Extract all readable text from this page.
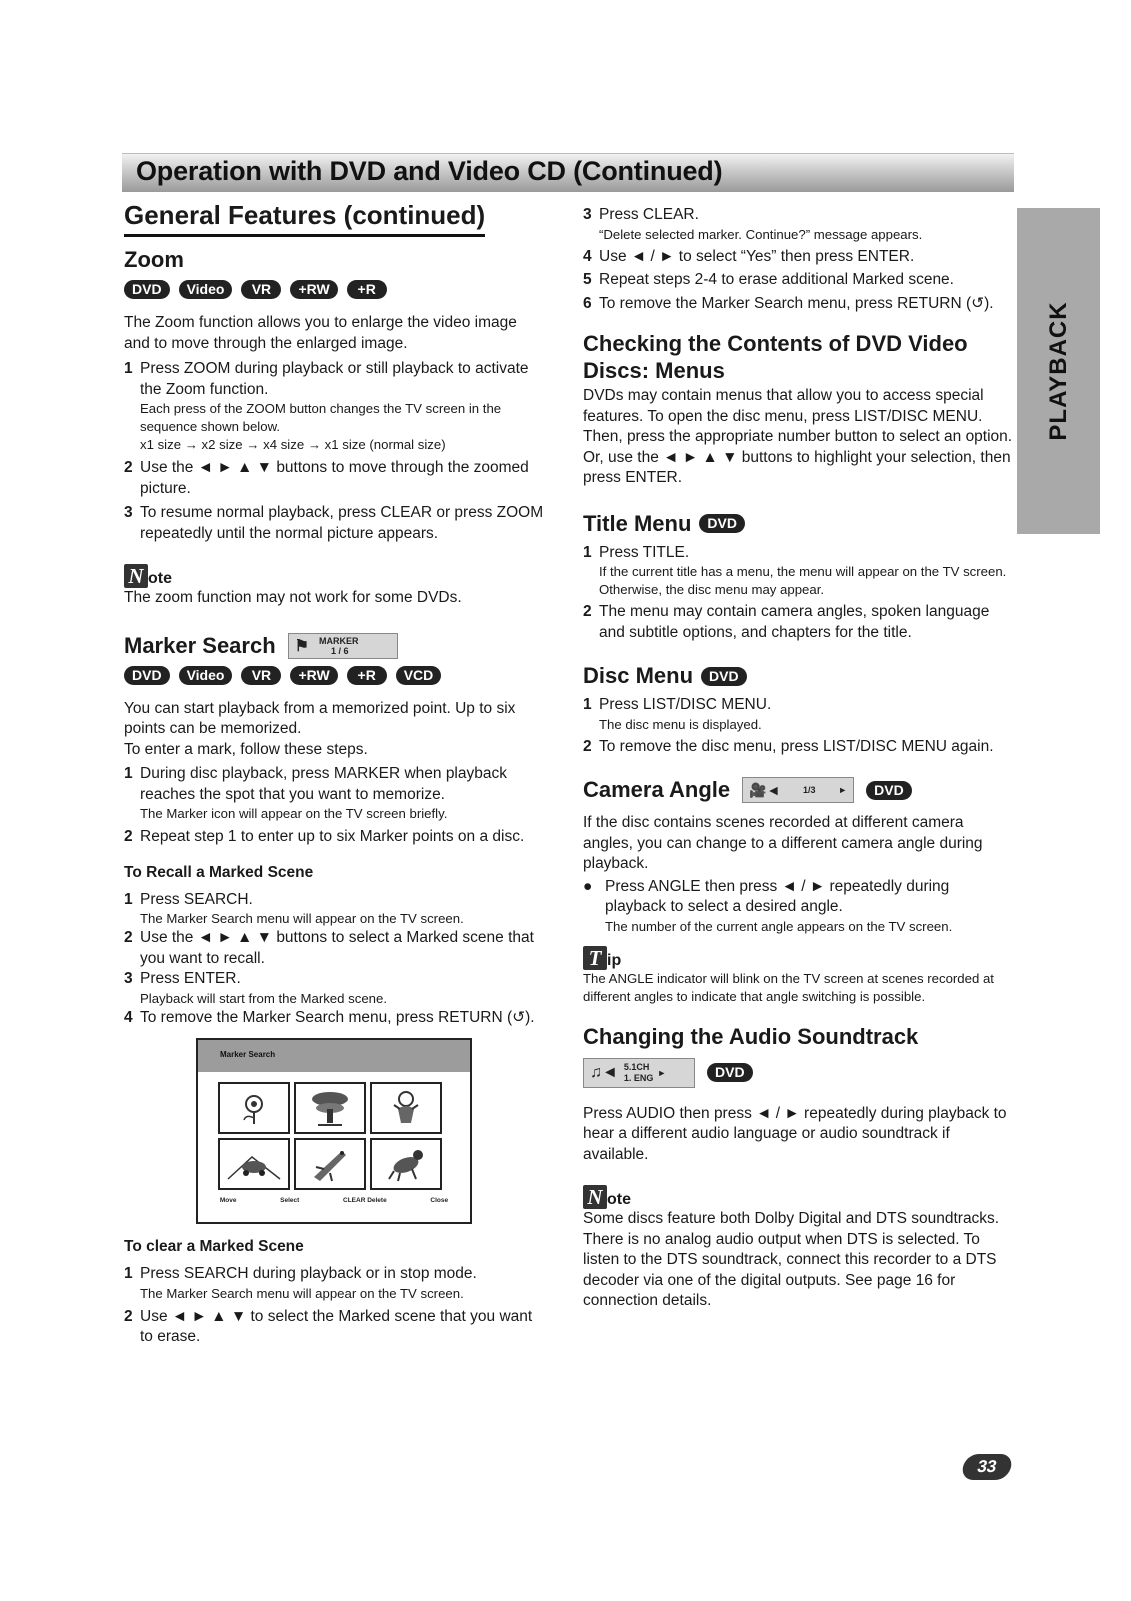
Operation with DVD and Video CD (Continued)
PLAYBACK
General Features (continued)
Zoom
DVD	Video	VR	+RW	+R

The Zoom function allows you to enlarge the video image and to move through the enlarged image.

1 Press ZOOM during playback or still playback to activate the Zoom function.

Each press of the ZOOM button changes the TV screen in the sequence shown below.

x1 size → x2 size → x4 size → x1 size (normal size)

2 Use the ◄ ► ▲ ▼ buttons to move through the zoomed picture.

3 To resume normal playback, press CLEAR or press ZOOM repeatedly until the normal picture appears.

N ote

The zoom function may not work for some DVDs.

Marker Search ⚑ MARKER
1 / 6
DVD	Video	VR	+RW	+R	VCD

You can start playback from a memorized point. Up to six points can be memorized.

To enter a mark, follow these steps.

1 During disc playback, press MARKER when playback reaches the spot that you want to memorize.

The Marker icon will appear on the TV screen briefly.

2 Repeat step 1 to enter up to six Marker points on a disc.

To Recall a Marked Scene
1 Press SEARCH.

The Marker Search menu will appear on the TV screen.

2 Use the ◄ ► ▲ ▼ buttons to select a Marked scene that you want to recall.

3 Press ENTER.

Playback will start from the Marked scene.

4 To remove the Marker Search menu, press RETURN (↺).

Marker Search
Move	Select	CLEAR Delete	Close
To clear a Marked Scene
1 Press SEARCH during playback or in stop mode.

The Marker Search menu will appear on the TV screen.

2 Use ◄ ► ▲ ▼ to select the Marked scene that you want to erase.

3 Press CLEAR.

“Delete selected marker. Continue?” message appears.

4 Use ◄ / ► to select “Yes” then press ENTER.

5 Repeat steps 2-4 to erase additional Marked scene.

6 To remove the Marker Search menu, press RETURN (↺).

Checking the Contents of DVD Video Discs: Menus

DVDs may contain menus that allow you to access special features. To open the disc menu, press LIST/DISC MENU. Then, press the appropriate number button to select an option. Or, use the ◄ ► ▲ ▼ buttons to highlight your selection, then press ENTER.

Title Menu	DVD
1 Press TITLE.

If the current title has a menu, the menu will appear on the TV screen. Otherwise, the disc menu may appear.

2 The menu may contain camera angles, spoken language and subtitle options, and chapters for the title.

Disc Menu	DVD
1 Press LIST/DISC MENU.

The disc menu is displayed.

2 To remove the disc menu, press LIST/DISC MENU again.

Camera Angle 🎥◄	1/3	►	DVD

If the disc contains scenes recorded at different camera angles, you can change to a different camera angle during playback.

● Press ANGLE then press ◄ / ► repeatedly during playback to select a desired angle.

The number of the current angle appears on the TV screen.

T ip

The ANGLE indicator will blink on the TV screen at scenes recorded at different angles to indicate that angle switching is possible.

Changing the Audio Soundtrack
♫◄ 5.1CH
1. ENG ►	DVD

Press AUDIO then press ◄ / ► repeatedly during playback to hear a different audio language or audio soundtrack if available.

N ote

Some discs feature both Dolby Digital and DTS soundtracks. There is no analog audio output when DTS is selected. To listen to the DTS soundtrack, connect this recorder to a DTS decoder via one of the digital outputs. See page 16 for connection details.

33
